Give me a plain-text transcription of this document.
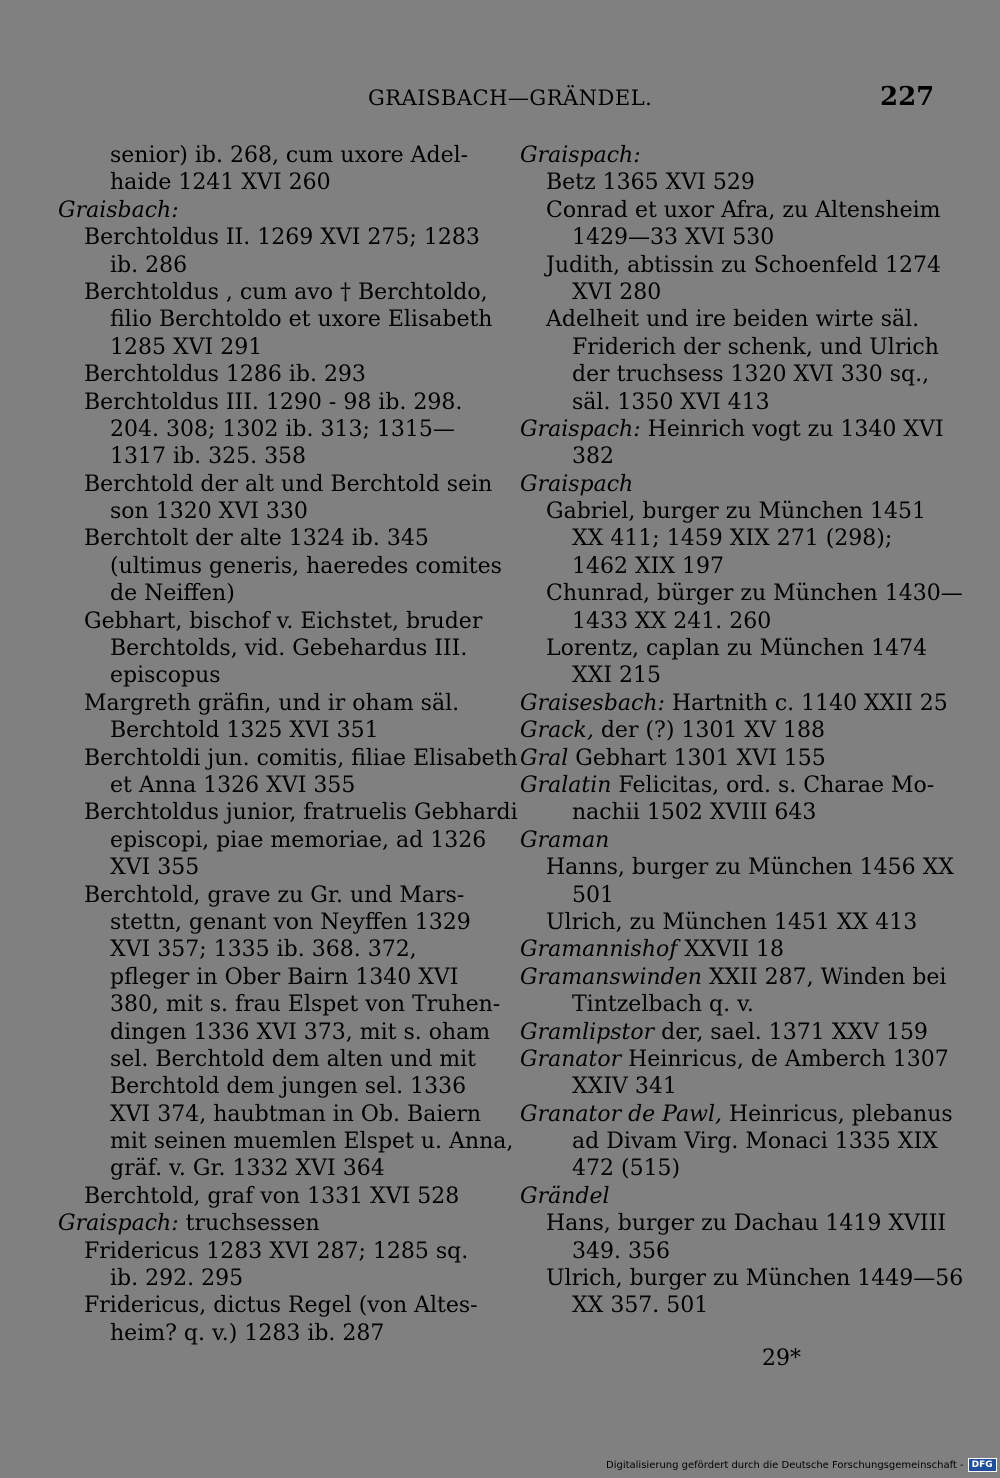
GRAISBACH—GRÄNDEL.	227
senior) ib. 268, cum uxore Adel-
haide 1241 XVI 260
Graisbach:
Berchtoldus II. 1269 XVI 275; 1283
ib. 286
Berchtoldus , cum avo † Berchtoldo,
filio Berchtoldo et uxore Elisabeth
1285 XVI 291
Berchtoldus 1286 ib. 293
Berchtoldus III. 1290 - 98 ib. 298.
204. 308; 1302 ib. 313; 1315—
1317 ib. 325. 358
Berchtold der alt und Berchtold sein
son 1320 XVI 330
Berchtolt der alte 1324 ib. 345
(ultimus generis, haeredes comites
de Neiffen)
Gebhart, bischof v. Eichstet, bruder
Berchtolds, vid. Gebehardus III.
episcopus
Margreth gräfin, und ir oham säl.
Berchtold 1325 XVI 351
Berchtoldi jun. comitis, filiae Elisabeth
et Anna 1326 XVI 355
Berchtoldus junior, fratruelis Gebhardi
episcopi, piae memoriae, ad 1326
XVI 355
Berchtold, grave zu Gr. und Mars-
stettn, genant von Neyffen 1329
XVI 357; 1335 ib. 368. 372,
pfleger in Ober Bairn 1340 XVI
380, mit s. frau Elspet von Truhen-
dingen 1336 XVI 373, mit s. oham
sel. Berchtold dem alten und mit
Berchtold dem jungen sel. 1336
XVI 374, haubtman in Ob. Baiern
mit seinen muemlen Elspet u. Anna,
gräf. v. Gr. 1332 XVI 364
Berchtold, graf von 1331 XVI 528
Graispach: truchsessen
Fridericus 1283 XVI 287; 1285 sq.
ib. 292. 295
Fridericus, dictus Regel (von Altes-
heim? q. v.) 1283 ib. 287
Graispach:
Betz 1365 XVI 529
Conrad et uxor Afra, zu Altensheim
1429—33 XVI 530
Judith, abtissin zu Schoenfeld 1274
XVI 280
Adelheit und ire beiden wirte säl.
Friderich der schenk, und Ulrich
der truchsess 1320 XVI 330 sq.,
säl. 1350 XVI 413
Graispach: Heinrich vogt zu 1340 XVI
382
Graispach
Gabriel, burger zu München 1451
XX 411; 1459 XIX 271 (298);
1462 XIX 197
Chunrad, bürger zu München 1430—
1433 XX 241. 260
Lorentz, caplan zu München 1474
XXI 215
Graisesbach: Hartnith c. 1140 XXII 25
Grack, der (?) 1301 XV 188
Gral Gebhart 1301 XVI 155
Gralatin Felicitas, ord. s. Charae Mo-
nachii 1502 XVIII 643
Graman
Hanns, burger zu München 1456 XX
501
Ulrich, zu München 1451 XX 413
Gramannishof XXVII 18
Gramanswinden XXII 287, Winden bei
Tintzelbach q. v.
Gramlipstor der, sael. 1371 XXV 159
Granator Heinricus, de Amberch 1307
XXIV 341
Granator de Pawl, Heinricus, plebanus
ad Divam Virg. Monaci 1335 XIX
472 (515)
Grändel
Hans, burger zu Dachau 1419 XVIII
349. 356
Ulrich, burger zu München 1449—56
XX 357. 501
29*
Digitalisierung gefördert durch die Deutsche Forschungsgemeinschaft - DFG
